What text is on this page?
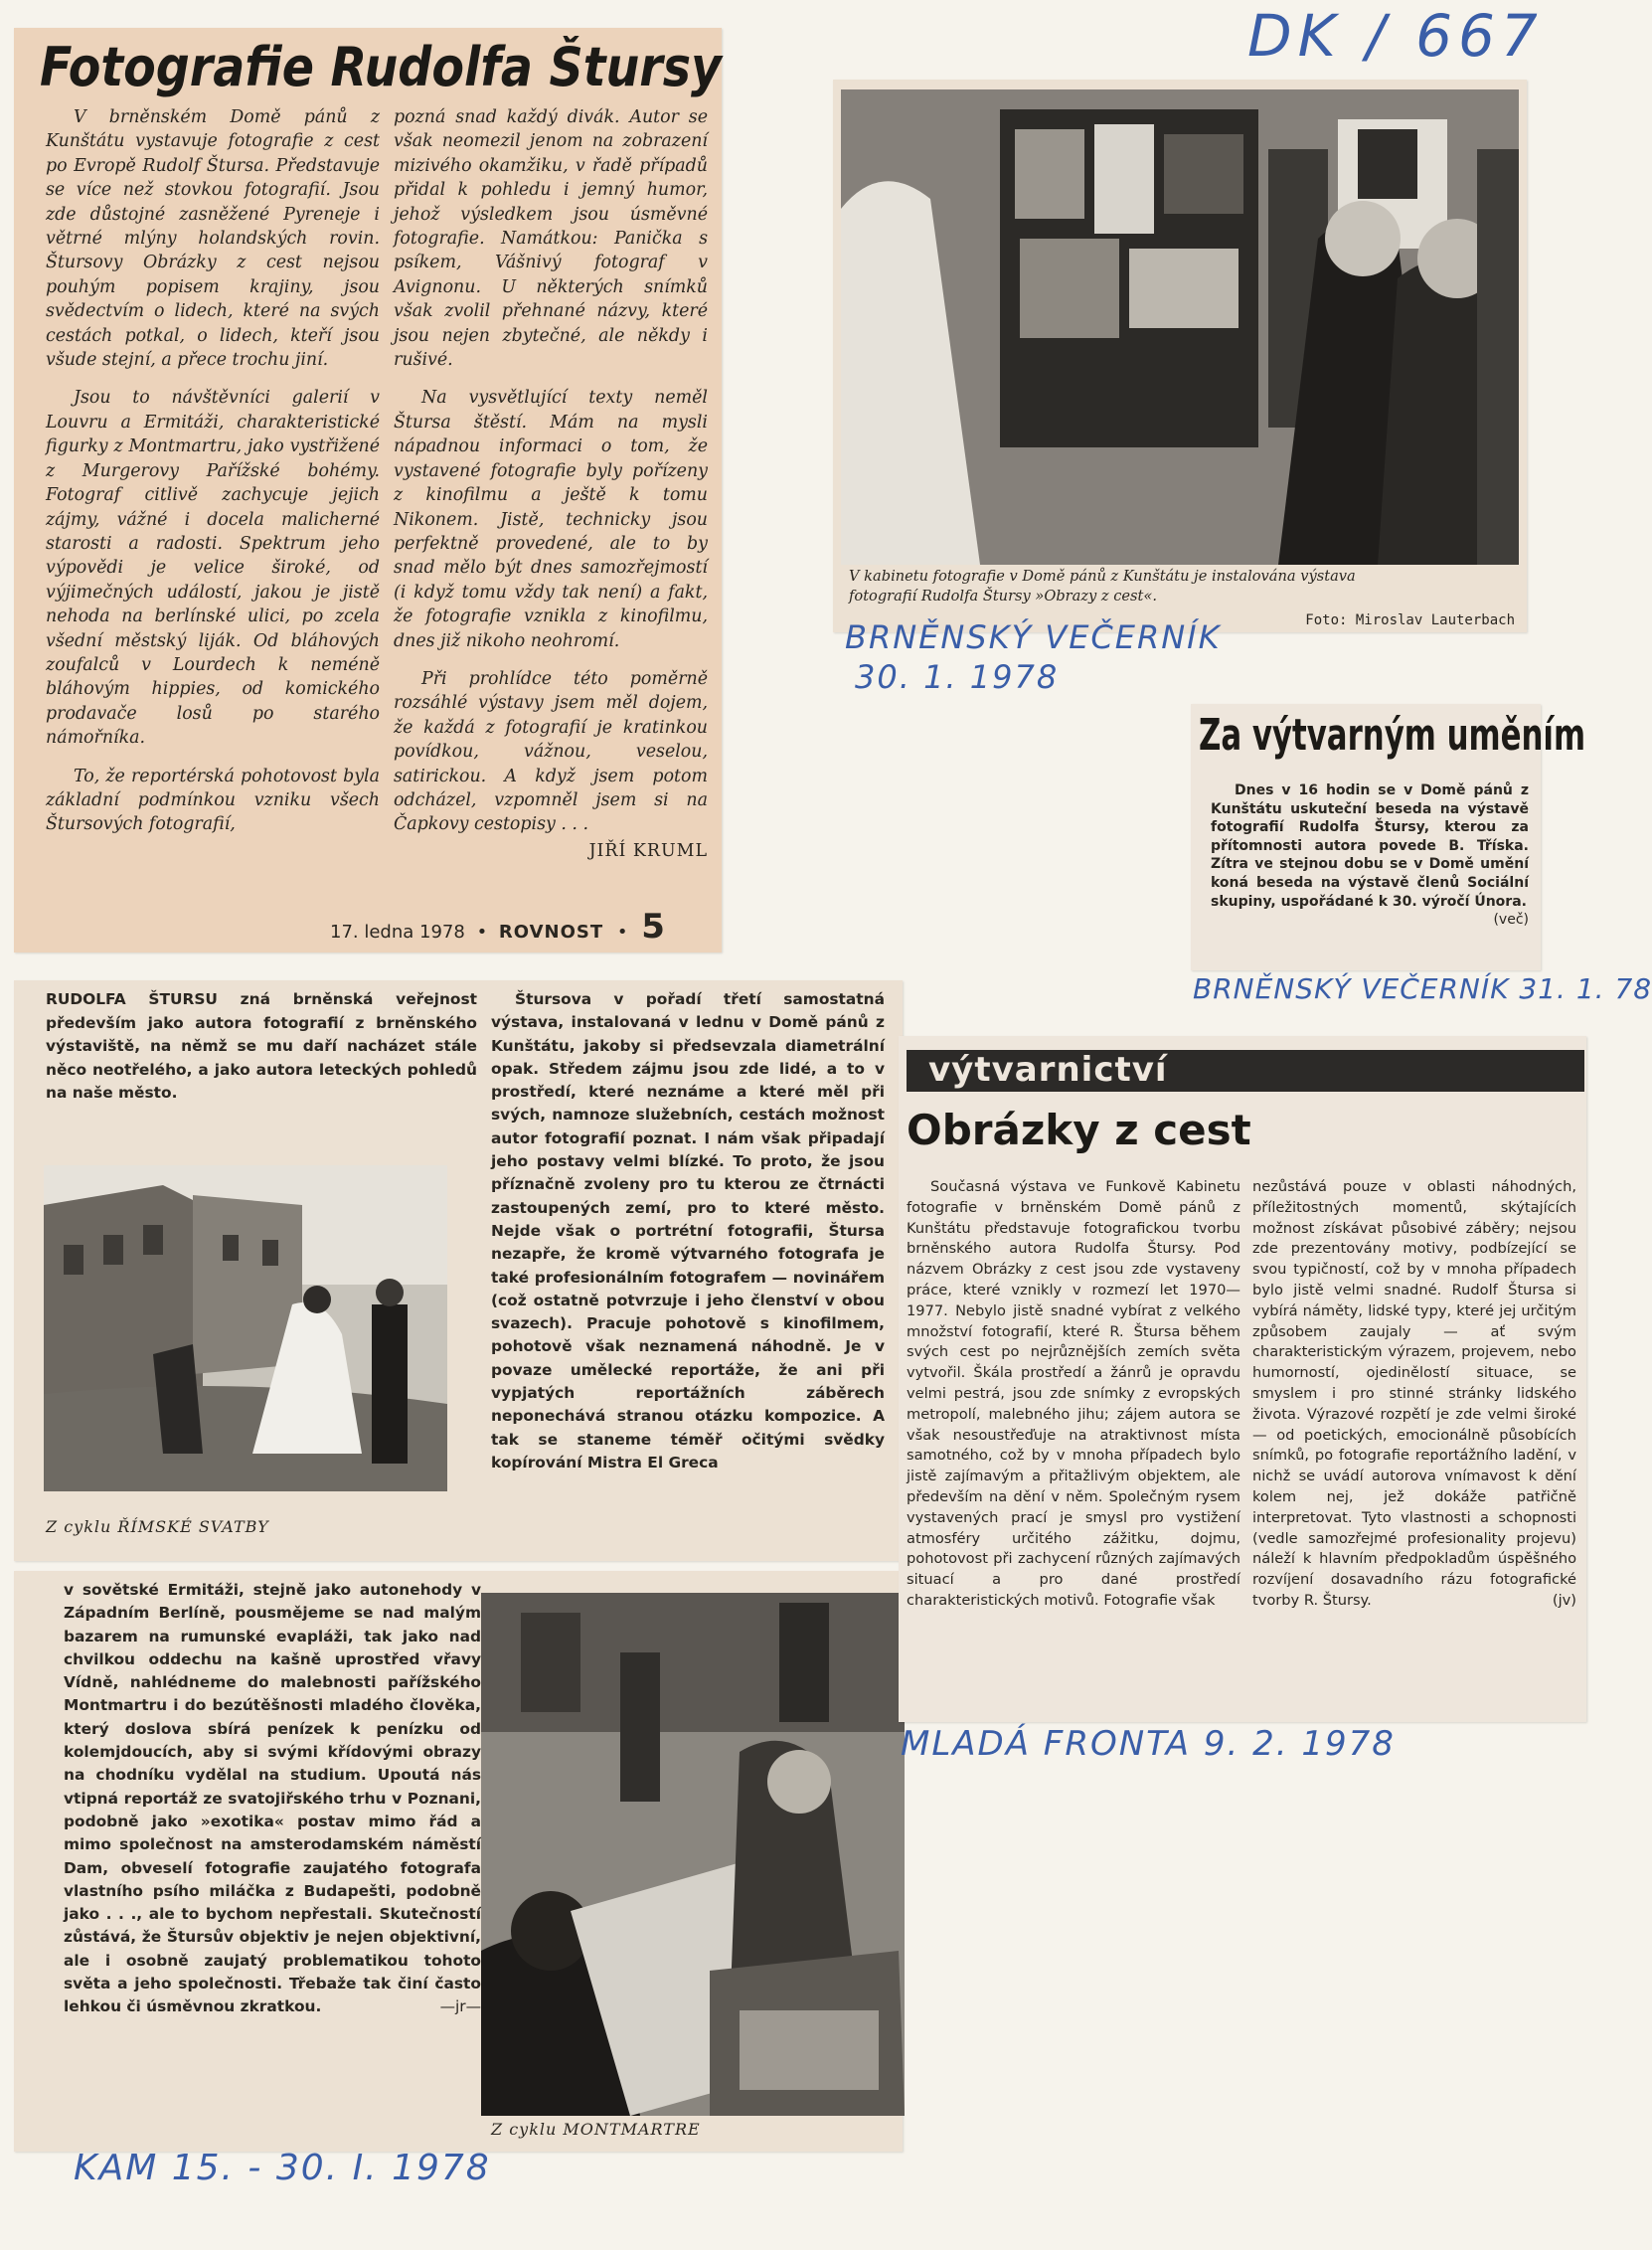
DK / 667
Fotografie Rudolfa Štursy

V brněnském Domě pánů z Kunštátu vystavuje fotografie z cest po Evropě Rudolf Štursa. Představuje se více než stovkou fotografií. Jsou zde důstojné zasněžené Pyreneje i větrné mlýny holandských rovin. Štursovy Obrázky z cest nejsou pouhým popisem krajiny, jsou svědectvím o lidech, které na svých cestách potkal, o lidech, kteří jsou všude stejní, a přece trochu jiní.

Jsou to návštěvníci galerií v Louvru a Ermitáži, charakteristické figurky z Montmartru, jako vystřižené z Murgerovy Pařížské bohémy. Fotograf citlivě zachycuje jejich zájmy, vážné i docela malicherné starosti a radosti. Spektrum jeho výpovědi je velice široké, od výjimečných událostí, jakou je jistě nehoda na berlínské ulici, po zcela všední městský liják. Od bláhových zoufalců v Lourdech k neméně bláhovým hippies, od komického prodavače losů po starého námořníka.

To, že reportérská pohotovost byla základní podmínkou vzniku všech Štursových fotografií,

pozná snad každý divák. Autor se však neomezil jenom na zobrazení mizivého okamžiku, v řadě případů přidal k pohledu i jemný humor, jehož výsledkem jsou úsměvné fotografie. Namátkou: Panička s psíkem, Vášnivý fotograf v Avignonu. U některých snímků však zvolil přehnané názvy, které jsou nejen zbytečné, ale někdy i rušivé.

Na vysvětlující texty neměl Štursa štěstí. Mám na mysli nápadnou informaci o tom, že vystavené fotografie byly pořízeny z kinofilmu a ještě k tomu Nikonem. Jistě, technicky jsou perfektně provedené, ale to by snad mělo být dnes samozřejmostí (i když tomu vždy tak není) a fakt, že fotografie vznikla z kinofilmu, dnes již nikoho neohromí.

Při prohlídce této poměrně rozsáhlé výstavy jsem měl dojem, že každá z fotografií je kratinkou povídkou, vážnou, veselou, satirickou. A když jsem potom odcházel, vzpomněl jsem si na Čapkovy cestopisy . . .

JIŘÍ KRUML

17. ledna 1978 • ROVNOST • 5
V kabinetu fotografie v Domě pánů z Kunštátu je instalována výstava fotografií Rudolfa Štursy »Obrazy z cest«.
Foto: Miroslav Lauterbach
BRNĚNSKÝ VEČERNÍK
30. 1. 1978
Za výtvarným uměním
Dnes v 16 hodin se v Domě pánů z Kunštátu uskuteční beseda na výstavě fotografií Rudolfa Štursy, kterou za přítomnosti autora povede B. Tříska. Zítra ve stejnou dobu se v Domě umění koná beseda na výstavě členů Sociální skupiny, uspořádané k 30. výročí Února.
(več)
BRNĚNSKÝ VEČERNÍK 31. 1. 78
RUDOLFA ŠTURSU zná brněnská veřejnost především jako autora fotografií z brněnského výstaviště, na němž se mu daří nacházet stále něco neotřelého, a jako autora leteckých pohledů na naše město.
Z cyklu ŘÍMSKÉ SVATBY
Štursova v pořadí třetí samostatná výstava, instalovaná v lednu v Domě pánů z Kunštátu, jakoby si předsevzala diametrální opak. Středem zájmu jsou zde lidé, a to v prostředí, které neznáme a které měl při svých, namnoze služebních, cestách možnost autor fotografií poznat. I nám však připadají jeho postavy velmi blízké. To proto, že jsou příznačně zvoleny pro tu kterou ze čtrnácti zastoupených zemí, pro to které město. Nejde však o portrétní fotografii, Štursa nezapře, že kromě výtvarného fotografa je také profesionálním fotografem — novinářem (což ostatně potvrzuje i jeho členství v obou svazech). Pracuje pohotově s kinofilmem, pohotově však neznamená náhodně. Je v povaze umělecké reportáže, že ani při vypjatých reportážních záběrech neponechává stranou otázku kompozice. A tak se staneme téměř očitými svědky kopírování Mistra El Greca
v sovětské Ermitáži, stejně jako autonehody v Západním Berlíně, pousmějeme se nad malým bazarem na rumunské evapláži, tak jako nad chvilkou oddechu na kašně uprostřed vřavy Vídně, nahlédneme do malebnosti pařížského Montmartru i do bezútěšnosti mladého člověka, který doslova sbírá penízek k penízku od kolemjdoucích, aby si svými křídovými obrazy na chodníku vydělal na studium. Upoutá nás vtipná reportáž ze svatojiřského trhu v Poznani, podobně jako »exotika« postav mimo řád a mimo společnost na amsterodamském náměstí Dam, obveselí fotografie zaujatého fotografa vlastního psího miláčka z Budapešti, podobně jako . . ., ale to bychom nepřestali. Skutečností zůstává, že Štursův objektiv je nejen objektivní, ale i osobně zaujatý problematikou tohoto světa a jeho společnosti. Třebaže tak činí často lehkou či úsměvnou zkratkou.	—jr—
Z cyklu MONTMARTRE
KAM 15. - 30. I. 1978
výtvarnictví
Obrázky z cest
Současná výstava ve Funkově Kabinetu fotografie v brněnském Domě pánů z Kunštátu představuje fotografickou tvorbu brněnského autora Rudolfa Štursy. Pod názvem Obrázky z cest jsou zde vystaveny práce, které vznikly v rozmezí let 1970—1977. Nebylo jistě snadné vybírat z velkého množství fotografií, které R. Štursa během svých cest po nejrůznějších zemích světa vytvořil. Škála prostředí a žánrů je opravdu velmi pestrá, jsou zde snímky z evropských metropolí, malebného jihu; zájem autora se však nesoustřeďuje na atraktivnost místa samotného, což by v mnoha případech bylo jistě zajímavým a přitažlivým objektem, ale především na dění v něm. Společným rysem vystavených prací je smysl pro vystižení atmosféry určitého zážitku, dojmu, pohotovost při zachycení různých zajímavých situací a pro dané prostředí charakteristických motivů. Fotografie však
nezůstává pouze v oblasti náhodných, příležitostných momentů, skýtajících možnost získávat působivé záběry; nejsou zde prezentovány motivy, podbízející se svou typičností, což by v mnoha případech bylo jistě velmi snadné. Rudolf Štursa si vybírá náměty, lidské typy, které jej určitým způsobem zaujaly — ať svým charakteristickým výrazem, projevem, nebo humorností, ojedinělostí situace, se smyslem i pro stinné stránky lidského života. Výrazové rozpětí je zde velmi široké — od poetických, emocionálně působících snímků, po fotografie reportážního ladění, v nichž se uvádí autorova vnímavost k dění kolem nej, jež dokáže patřičně interpretovat. Tyto vlastnosti a schopnosti (vedle samozřejmé profesionality projevu) náleží k hlavním předpokladům úspěšného rozvíjení dosavadního rázu fotografické tvorby R. Štursy.	(jv)
MLADÁ FRONTA 9. 2. 1978
